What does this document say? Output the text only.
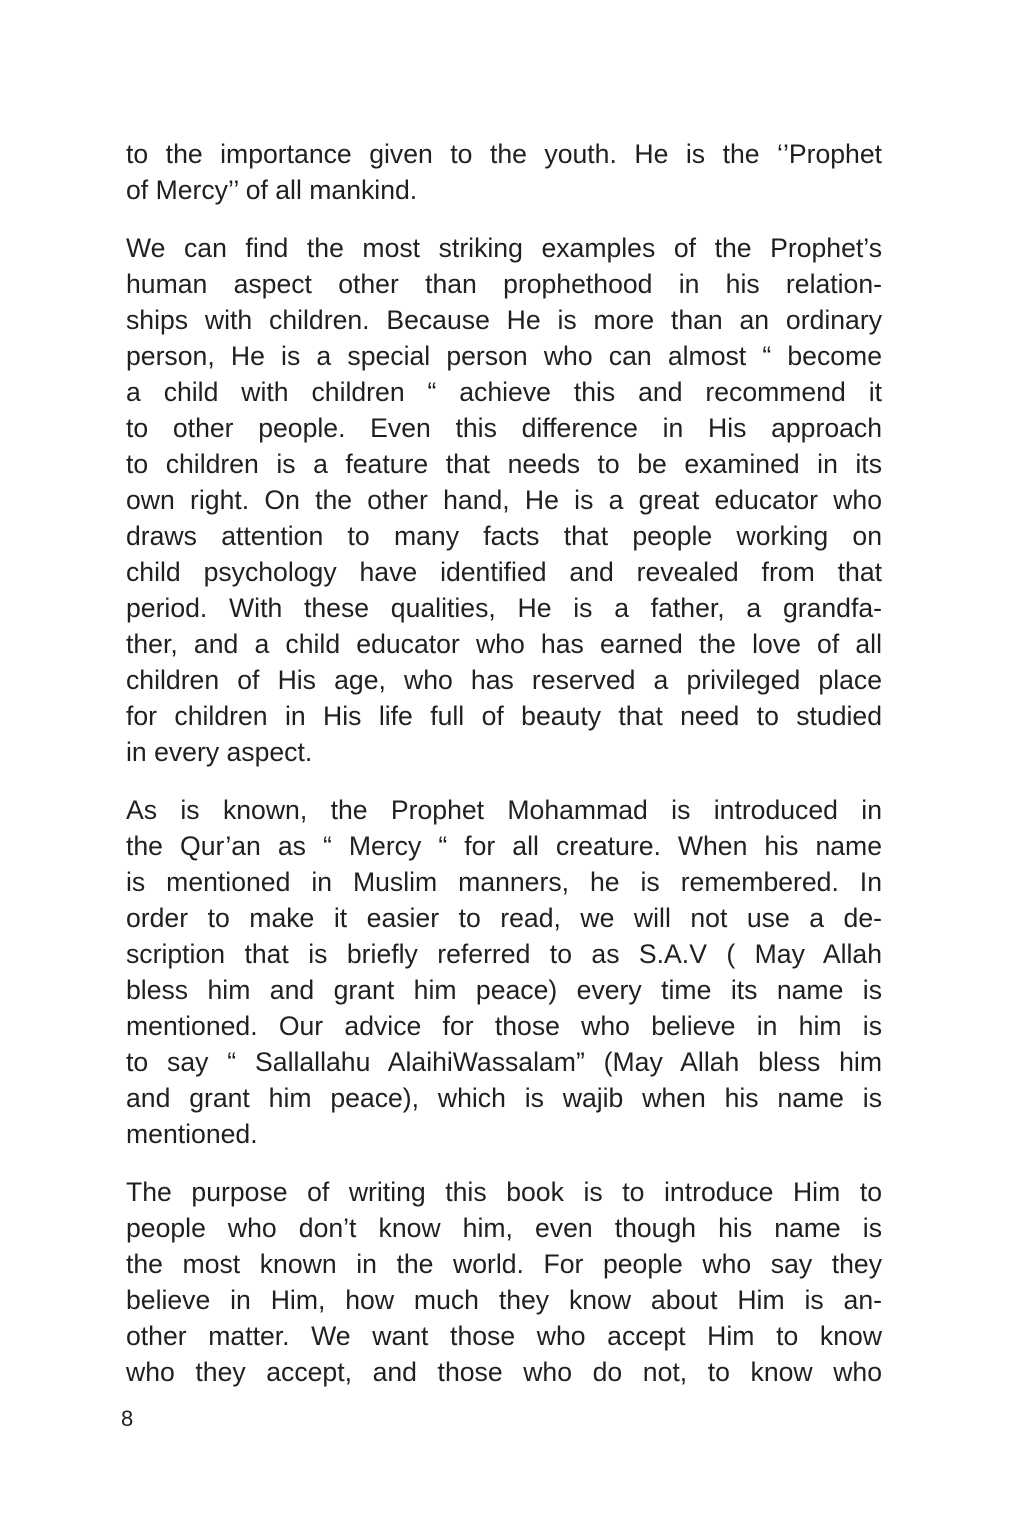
to the importance given to the youth. He is the ‘’Prophet
of Mercy’’ of all mankind.
We can find the most striking examples of the Prophet’s
human aspect other than prophethood in his relation-
ships with children. Because He is more than an ordinary
person, He is a special person who can almost “ become
a child with children “ achieve this and recommend it
to other people. Even this difference in His approach
to children is a feature that needs to be examined in its
own right. On the other hand, He is a great educator who
draws attention to many facts that people working on
child psychology have identified and revealed from that
period. With these qualities, He is a father, a grandfa-
ther, and a child educator who has earned the love of all
children of His age, who has reserved a privileged place
for children in His life full of beauty that need to studied
in every aspect.
As is known, the Prophet Mohammad is introduced in
the Qur’an as “ Mercy “ for all creature. When his name
is mentioned in Muslim manners, he is remembered. In
order to make it easier to read, we will not use a de-
scription that is briefly referred to as S.A.V ( May Allah
bless him and grant him peace) every time its name is
mentioned. Our advice for those who believe in him is
to say “ Sallallahu AlaihiWassalam” (May Allah bless him
and grant him peace), which is wajib when his name is
mentioned.
The purpose of writing this book is to introduce Him to
people who don’t know him, even though his name is
the most known in the world. For people who say they
believe in Him, how much they know about Him is an-
other matter. We want those who accept Him to know
who they accept, and those who do not, to know who
8
